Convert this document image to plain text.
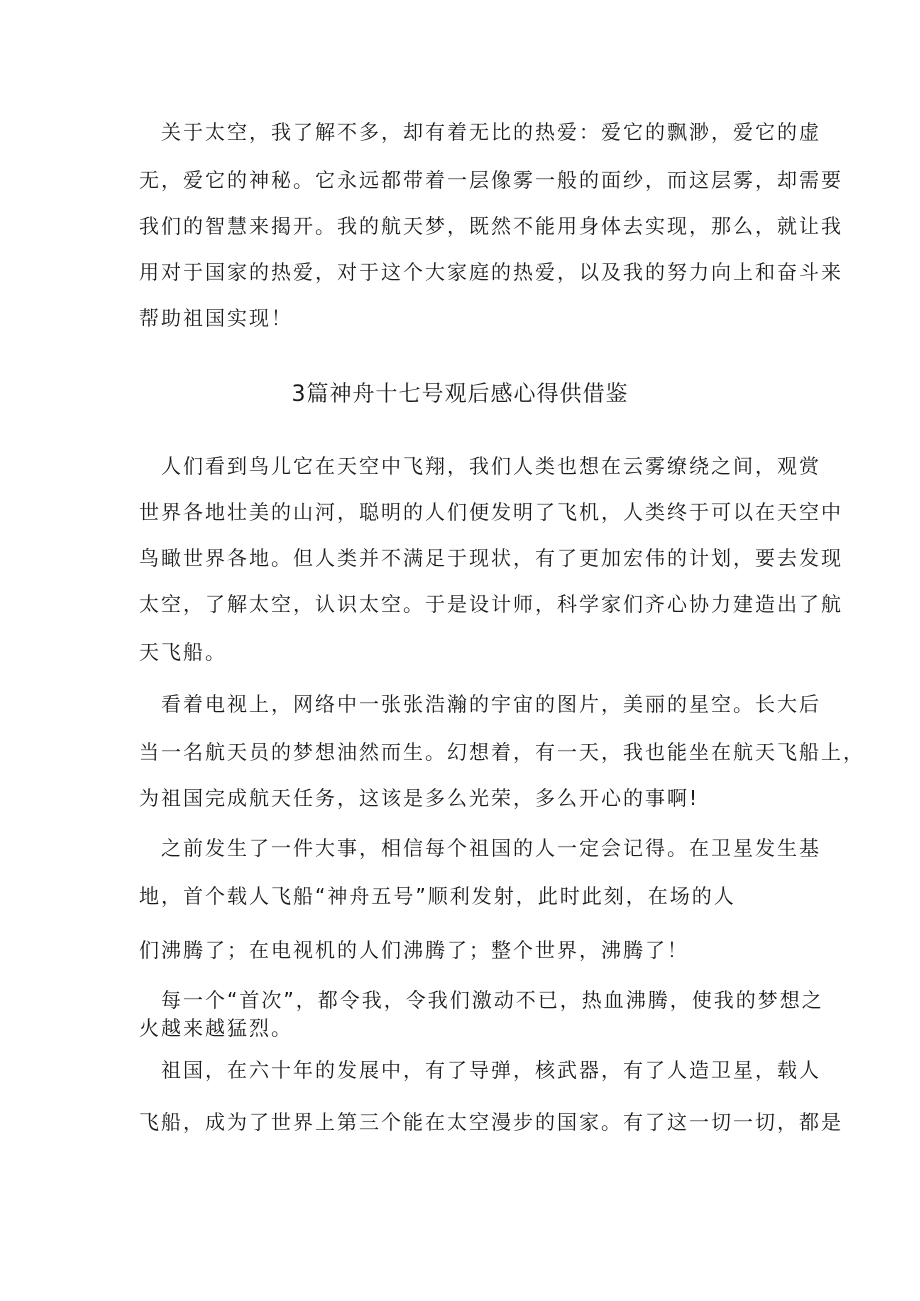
　关于太空，我了解不多，却有着无比的热爱：爱它的飘渺，爱它的虚
无，爱它的神秘。它永远都带着一层像雾一般的面纱，而这层雾，却需要
我们的智慧来揭开。我的航天梦，既然不能用身体去实现，那么，就让我
用对于国家的热爱，对于这个大家庭的热爱，以及我的努力向上和奋斗来
帮助祖国实现！
3篇神舟十七号观后感心得供借鉴
　人们看到鸟儿它在天空中飞翔，我们人类也想在云雾缭绕之间，观赏
世界各地壮美的山河，聪明的人们便发明了飞机，人类终于可以在天空中
鸟瞰世界各地。但人类并不满足于现状，有了更加宏伟的计划，要去发现
太空，了解太空，认识太空。于是设计师，科学家们齐心协力建造出了航
天飞船。
　看着电视上，网络中一张张浩瀚的宇宙的图片，美丽的星空。长大后
当一名航天员的梦想油然而生。幻想着，有一天，我也能坐在航天飞船上，
为祖国完成航天任务，这该是多么光荣，多么开心的事啊!
　之前发生了一件大事，相信每个祖国的人一定会记得。在卫星发生基
地，首个载人飞船“神舟五号”顺利发射，此时此刻，在场的人
们沸腾了；在电视机的人们沸腾了；整个世界，沸腾了！
　每一个“首次”，都令我，令我们激动不已，热血沸腾，使我的梦想之
火越来越猛烈。
　祖国，在六十年的发展中，有了导弹，核武器，有了人造卫星，载人
飞船，成为了世界上第三个能在太空漫步的国家。有了这一切一切，都是
